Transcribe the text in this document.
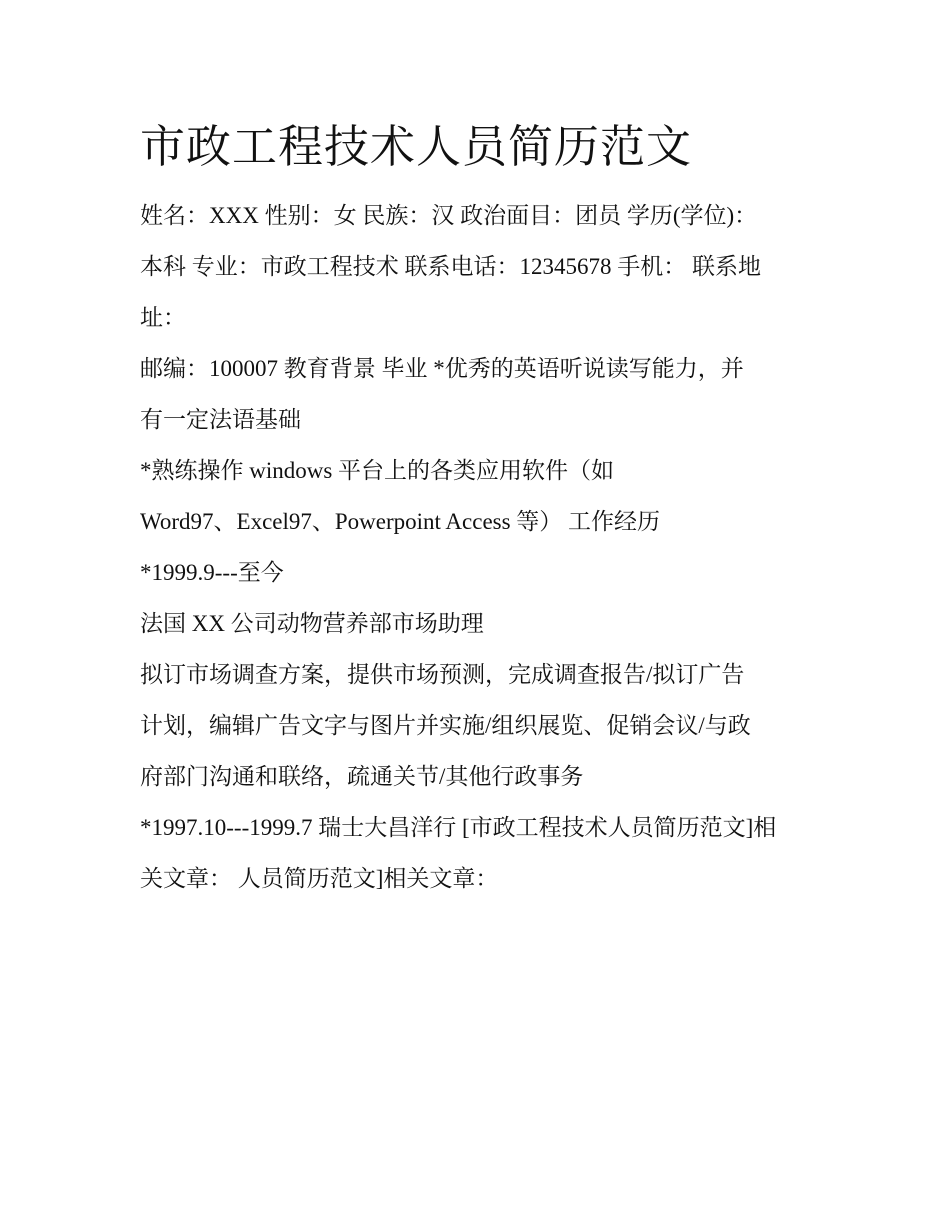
市政工程技术人员简历范文

姓名：XXX 性别：女 民族：汉 政治面目：团员 学历(学位)：

本科 专业：市政工程技术 联系电话：12345678 手机： 联系地

址：

邮编：100007 教育背景 毕业 *优秀的英语听说读写能力，并

有一定法语基础

*熟练操作 windows 平台上的各类应用软件（如

Word97、Excel97、Powerpoint Access 等） 工作经历

*1999.9---至今

法国 XX 公司动物营养部市场助理

拟订市场调查方案，提供市场预测，完成调查报告/拟订广告

计划，编辑广告文字与图片并实施/组织展览、促销会议/与政

府部门沟通和联络，疏通关节/其他行政事务

*1997.10---1999.7 瑞士大昌洋行 [市政工程技术人员简历范文]相

关文章： 人员简历范文]相关文章：
